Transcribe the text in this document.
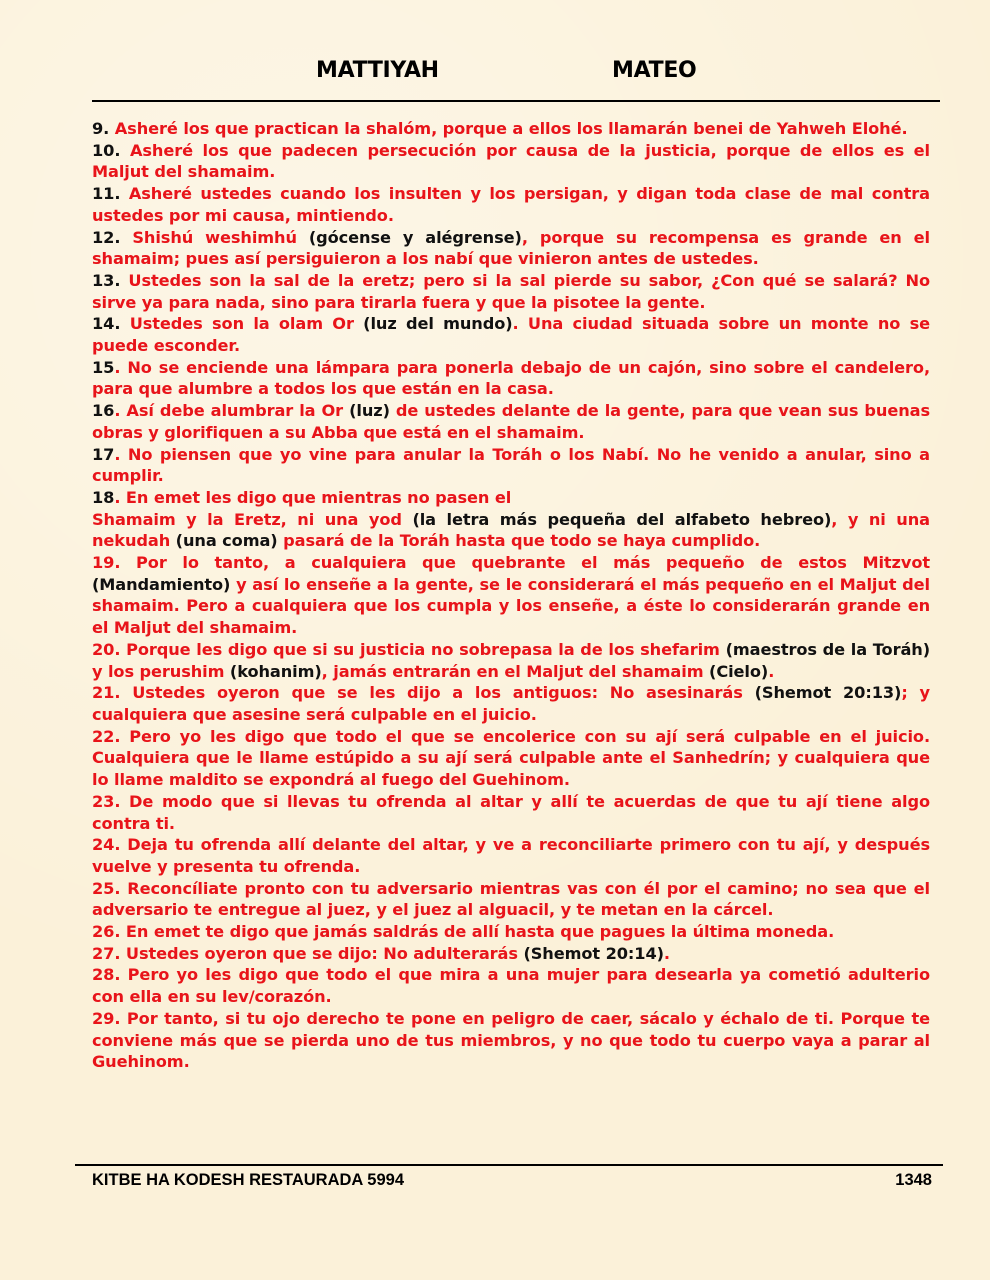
MATTIYAH	MATEO

9. Asheré los que practican la shalóm, porque a ellos los llamarán benei de Yahweh Elohé.

10. Asheré los que padecen persecución por causa de la justicia, porque de ellos es el Maljut del shamaim.

11. Asheré ustedes cuando los insulten y los persigan, y digan toda clase de mal contra ustedes por mi causa, mintiendo.

12. Shishú weshimhú (gócense y alégrense), porque su recompensa es grande en el shamaim; pues así persiguieron a los nabí que vinieron antes de ustedes.

13. Ustedes son la sal de la eretz; pero si la sal pierde su sabor, ¿Con qué se salará? No sirve ya para nada, sino para tirarla fuera y que la pisotee la gente.

14. Ustedes son la olam Or (luz del mundo). Una ciudad situada sobre un monte no se puede esconder.

15. No se enciende una lámpara para ponerla debajo de un cajón, sino sobre el candelero, para que alumbre a todos los que están en la casa.

16. Así debe alumbrar la Or (luz) de ustedes delante de la gente, para que vean sus buenas obras y glorifiquen a su Abba que está en el shamaim.

17. No piensen que yo vine para anular la Toráh o los Nabí. No he venido a anular, sino a cumplir.

18. En emet les digo que mientras no pasen el

Shamaim y la Eretz, ni una yod (la letra más pequeña del alfabeto hebreo), y ni una nekudah (una coma) pasará de la Toráh hasta que todo se haya cumplido.

19. Por lo tanto, a cualquiera que quebrante el más pequeño de estos Mitzvot (Mandamiento) y así lo enseñe a la gente, se le considerará el más pequeño en el Maljut del shamaim. Pero a cualquiera que los cumpla y los enseñe, a éste lo considerarán grande en el Maljut del shamaim.

20. Porque les digo que si su justicia no sobrepasa la de los shefarim (maestros de la Toráh) y los perushim (kohanim), jamás entrarán en el Maljut del shamaim (Cielo).

21. Ustedes oyeron que se les dijo a los antiguos: No asesinarás (Shemot 20:13); y cualquiera que asesine será culpable en el juicio.

22. Pero yo les digo que todo el que se encolerice con su ají será culpable en el juicio. Cualquiera que le llame estúpido a su ají será culpable ante el Sanhedrín; y cualquiera que lo llame maldito se expondrá al fuego del Guehinom.

23. De modo que si llevas tu ofrenda al altar y allí te acuerdas de que tu ají tiene algo contra ti.

24. Deja tu ofrenda allí delante del altar, y ve a reconciliarte primero con tu ají, y después vuelve y presenta tu ofrenda.

25. Reconcíliate pronto con tu adversario mientras vas con él por el camino; no sea que el adversario te entregue al juez, y el juez al alguacil, y te metan en la cárcel.

26. En emet te digo que jamás saldrás de allí hasta que pagues la última moneda.

27. Ustedes oyeron que se dijo: No adulterarás (Shemot 20:14).

28. Pero yo les digo que todo el que mira a una mujer para desearla ya cometió adulterio con ella en su lev/corazón.

29. Por tanto, si tu ojo derecho te pone en peligro de caer, sácalo y échalo de ti. Porque te conviene más que se pierda uno de tus miembros, y no que todo tu cuerpo vaya a parar al Guehinom.

KITBE HA KODESH RESTAURADA 5994	1348
